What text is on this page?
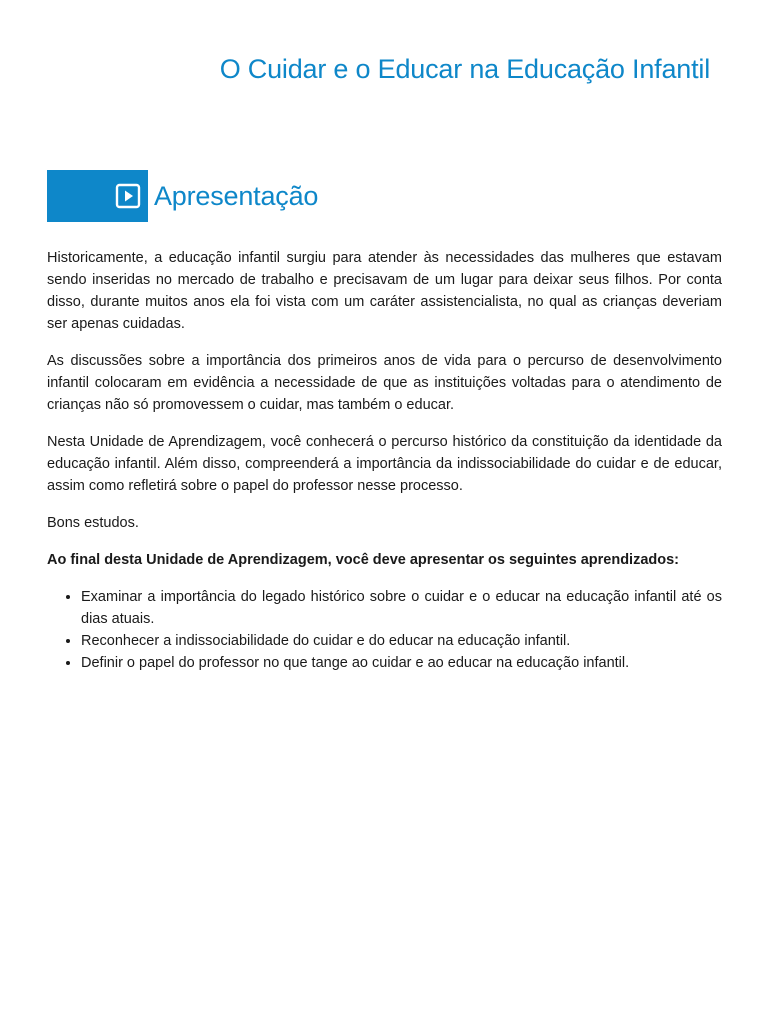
O Cuidar e o Educar na Educação Infantil
Apresentação

Historicamente, a educação infantil surgiu para atender às necessidades das mulheres que estavam sendo inseridas no mercado de trabalho e precisavam de um lugar para deixar seus filhos. Por conta disso, durante muitos anos ela foi vista com um caráter assistencialista, no qual as crianças deveriam ser apenas cuidadas.

As discussões sobre a importância dos primeiros anos de vida para o percurso de desenvolvimento infantil colocaram em evidência a necessidade de que as instituições voltadas para o atendimento de crianças não só promovessem o cuidar, mas também o educar.

Nesta Unidade de Aprendizagem, você conhecerá o percurso histórico da constituição da identidade da educação infantil. Além disso, compreenderá a importância da indissociabilidade do cuidar e de educar, assim como refletirá sobre o papel do professor nesse processo.

Bons estudos.

Ao final desta Unidade de Aprendizagem, você deve apresentar os seguintes aprendizados:

• Examinar a importância do legado histórico sobre o cuidar e o educar na educação infantil até os dias atuais.
• Reconhecer a indissociabilidade do cuidar e do educar na educação infantil.
• Definir o papel do professor no que tange ao cuidar e ao educar na educação infantil.
